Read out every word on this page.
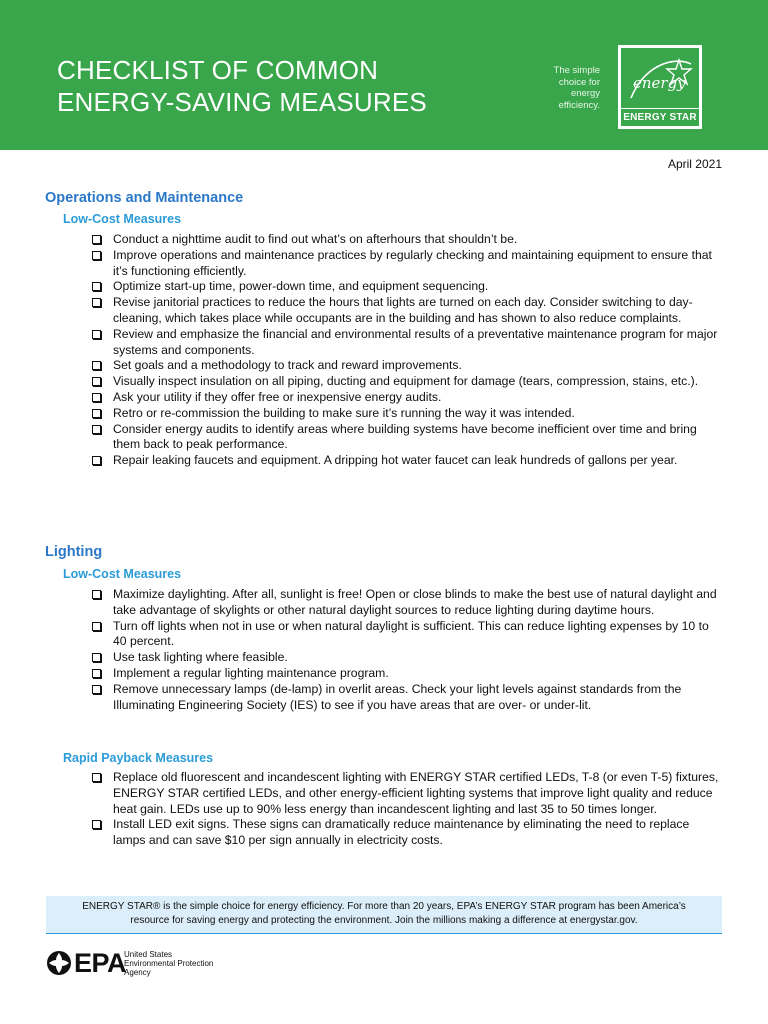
CHECKLIST OF COMMON
ENERGY-SAVING MEASURES
The simple
choice for
energy
efficiency.
energy
ENERGY STAR
April 2021
Operations and Maintenance
Low-Cost Measures
Conduct a nighttime audit to find out what’s on afterhours that shouldn’t be.
Improve operations and maintenance practices by regularly checking and maintaining equipment to ensure that it’s functioning efficiently.
Optimize start-up time, power-down time, and equipment sequencing.
Revise janitorial practices to reduce the hours that lights are turned on each day. Consider switching to day-cleaning, which takes place while occupants are in the building and has shown to also reduce complaints.
Review and emphasize the financial and environmental results of a preventative maintenance program for major systems and components.
Set goals and a methodology to track and reward improvements.
Visually inspect insulation on all piping, ducting and equipment for damage (tears, compression, stains, etc.).
Ask your utility if they offer free or inexpensive energy audits.
Retro or re-commission the building to make sure it’s running the way it was intended.
Consider energy audits to identify areas where building systems have become inefficient over time and bring them back to peak performance.
Repair leaking faucets and equipment. A dripping hot water faucet can leak hundreds of gallons per year.
Lighting
Low-Cost Measures
Maximize daylighting. After all, sunlight is free! Open or close blinds to make the best use of natural daylight and take advantage of skylights or other natural daylight sources to reduce lighting during daytime hours.
Turn off lights when not in use or when natural daylight is sufficient. This can reduce lighting expenses by 10 to 40 percent.
Use task lighting where feasible.
Implement a regular lighting maintenance program.
Remove unnecessary lamps (de-lamp) in overlit areas. Check your light levels against standards from the Illuminating Engineering Society (IES) to see if you have areas that are over- or under-lit.
Rapid Payback Measures
Replace old fluorescent and incandescent lighting with ENERGY STAR certified LEDs, T-8 (or even T-5) fixtures, ENERGY STAR certified LEDs, and other energy-efficient lighting systems that improve light quality and reduce heat gain. LEDs use up to 90% less energy than incandescent lighting and last 35 to 50 times longer.
Install LED exit signs. These signs can dramatically reduce maintenance by eliminating the need to replace lamps and can save $10 per sign annually in electricity costs.
ENERGY STAR® is the simple choice for energy efficiency. For more than 20 years, EPA’s ENERGY STAR program has been America’s
resource for saving energy and protecting the environment. Join the millions making a difference at energystar.gov.
EPA
United States
Environmental Protection
Agency
